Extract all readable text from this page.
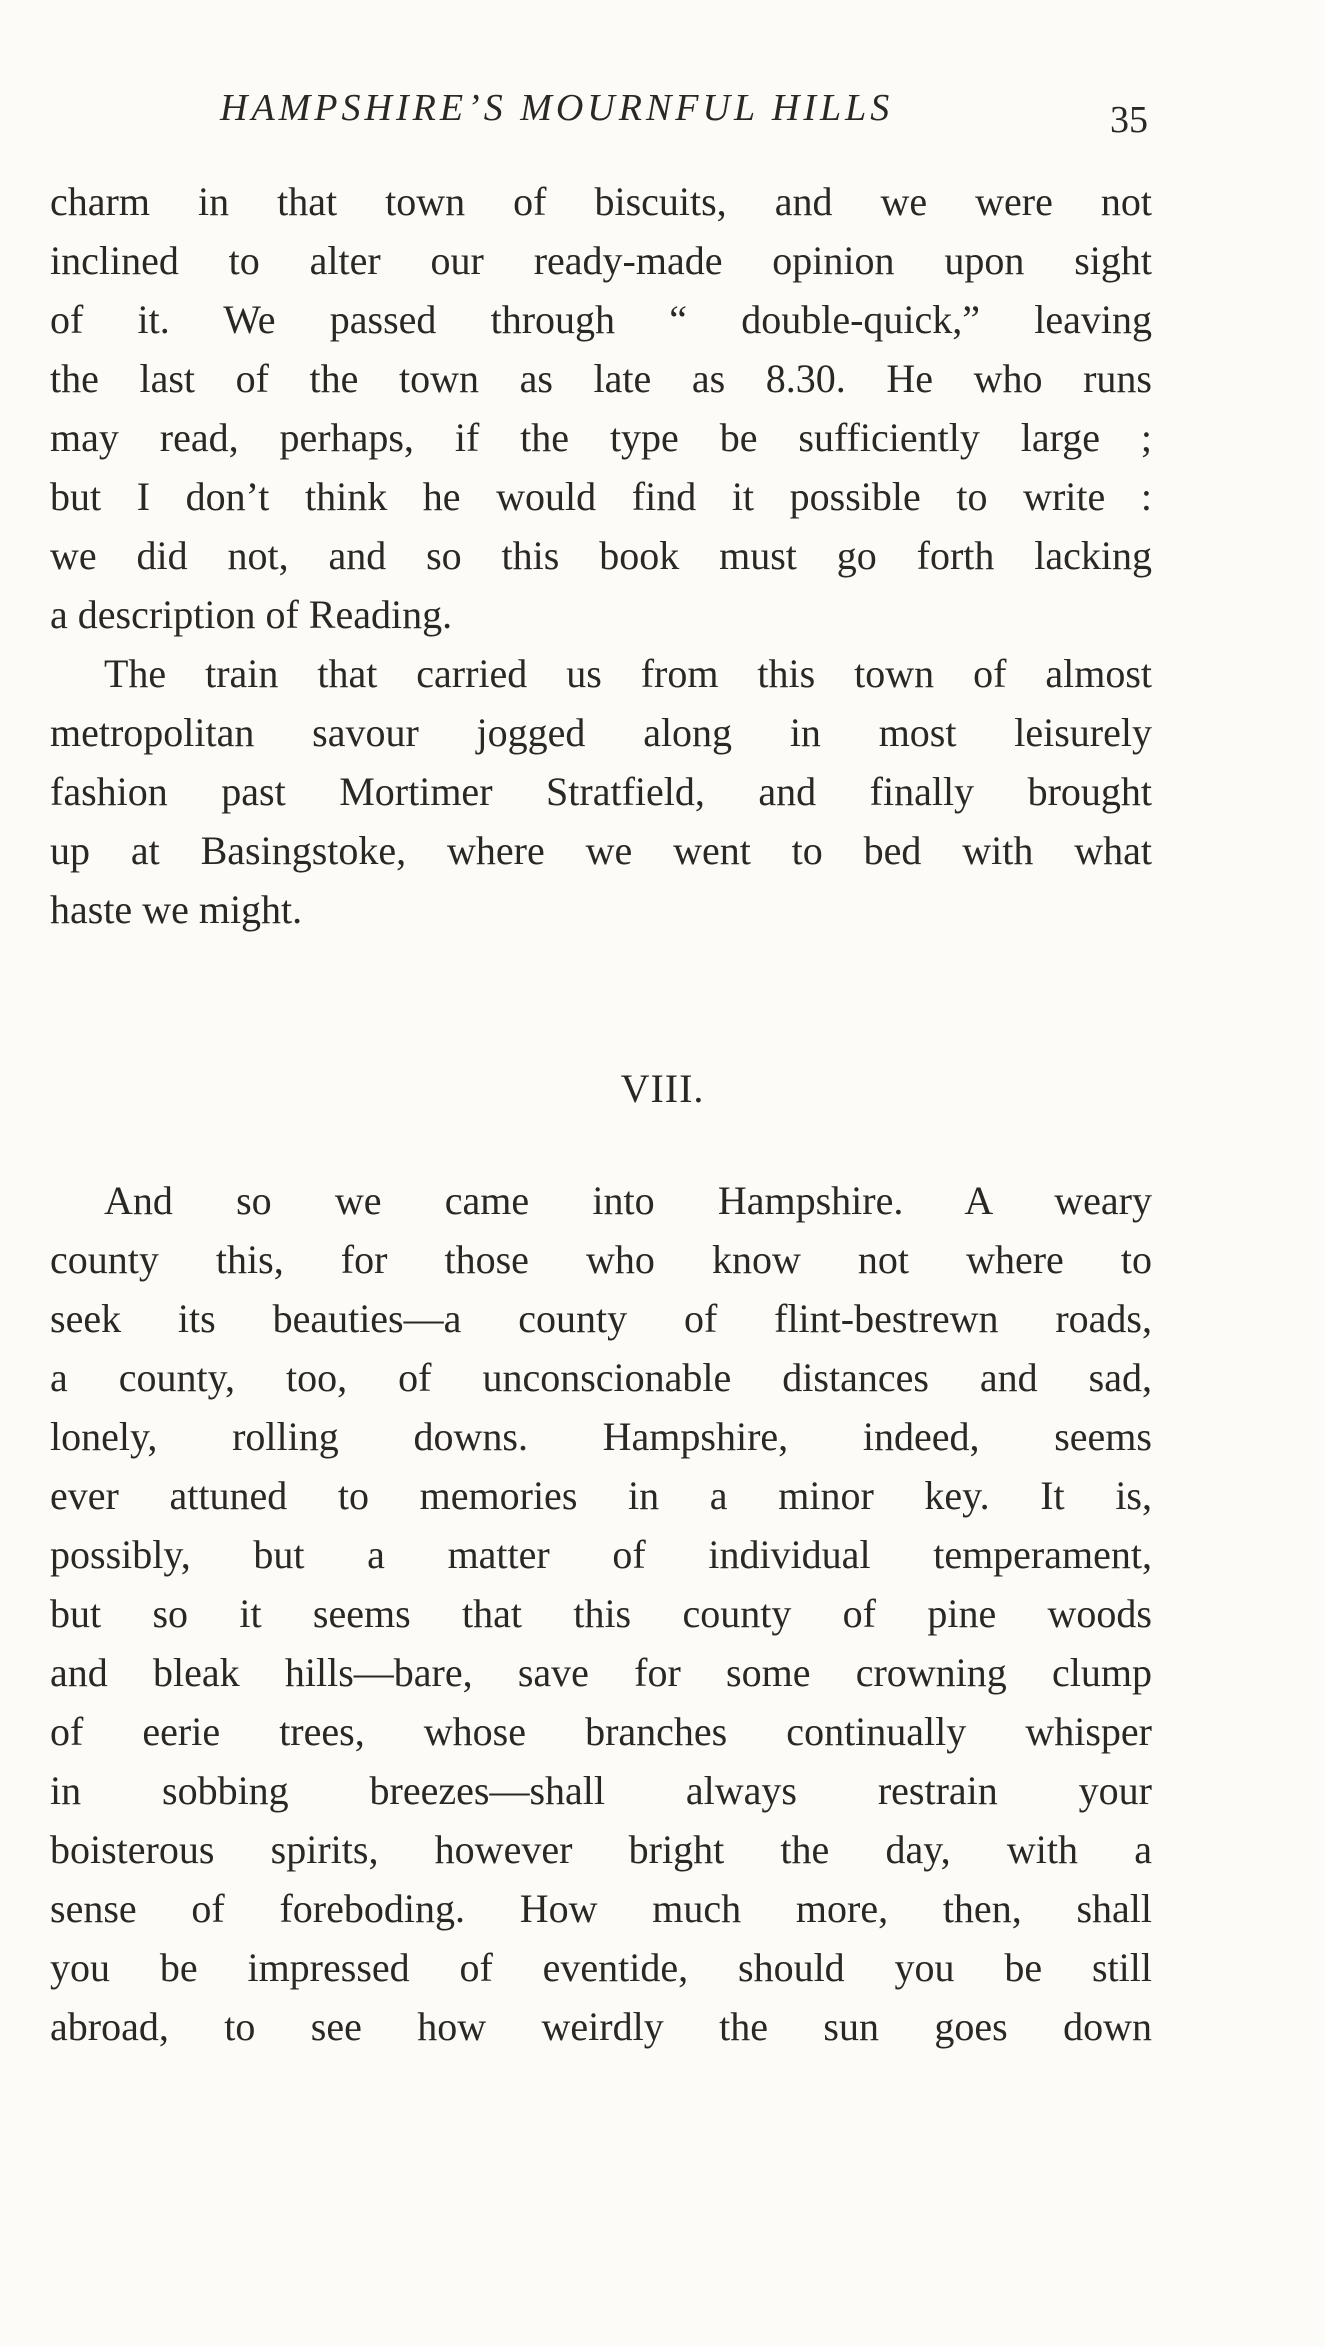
HAMPSHIRE’S MOURNFUL HILLS	35
charm in that town of biscuits, and we were not
inclined to alter our ready-made opinion upon sight
of it. We passed through “ double-quick,” leaving
the last of the town as late as 8.30. He who runs
may read, perhaps, if the type be sufficiently large ;
but I don’t think he would find it possible to write :
we did not, and so this book must go forth lacking
a description of Reading.
The train that carried us from this town of almost
metropolitan savour jogged along in most leisurely
fashion past Mortimer Stratfield, and finally brought
up at Basingstoke, where we went to bed with what
haste we might.
VIII.
And so we came into Hampshire. A weary
county this, for those who know not where to
seek its beauties—a county of flint-bestrewn roads,
a county, too, of unconscionable distances and sad,
lonely, rolling downs. Hampshire, indeed, seems
ever attuned to memories in a minor key. It is,
possibly, but a matter of individual temperament,
but so it seems that this county of pine woods
and bleak hills—bare, save for some crowning clump
of eerie trees, whose branches continually whisper
in sobbing breezes—shall always restrain your
boisterous spirits, however bright the day, with a
sense of foreboding. How much more, then, shall
you be impressed of eventide, should you be still
abroad, to see how weirdly the sun goes down
